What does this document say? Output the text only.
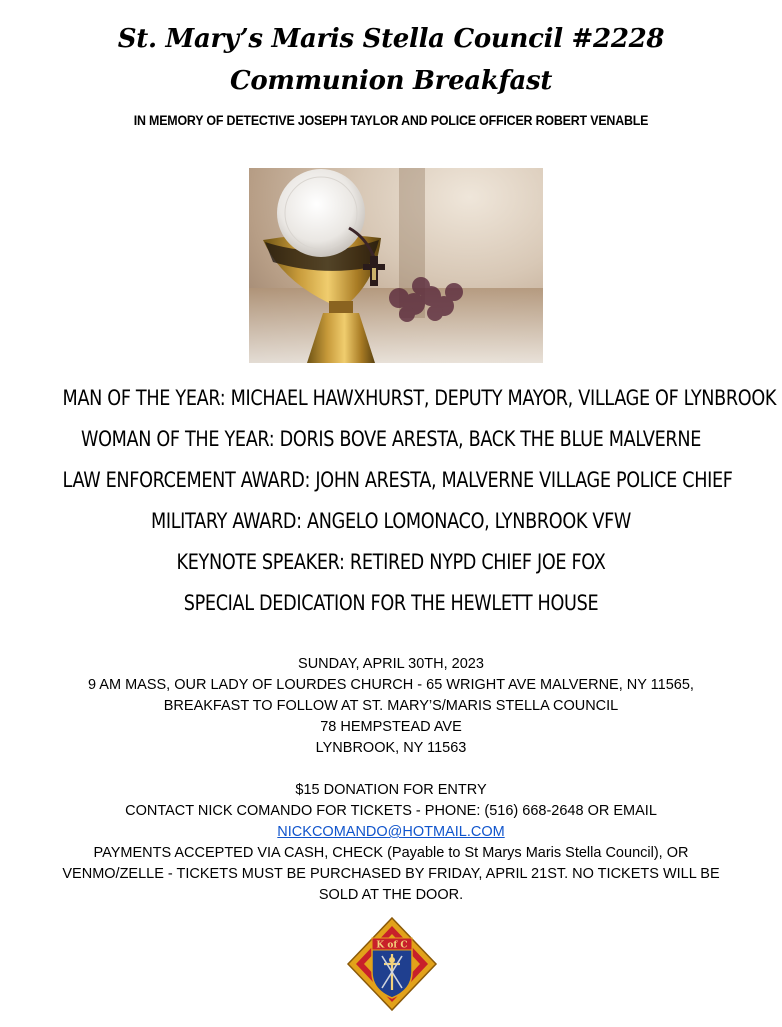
St. Mary’s Maris Stella Council #2228 Communion Breakfast
IN MEMORY OF DETECTIVE JOSEPH TAYLOR AND POLICE OFFICER ROBERT VENABLE
MAN OF THE YEAR: MICHAEL HAWXHURST, DEPUTY MAYOR, VILLAGE OF LYNBROOK
WOMAN OF THE YEAR: DORIS BOVE ARESTA, BACK THE BLUE MALVERNE
LAW ENFORCEMENT AWARD: JOHN ARESTA, MALVERNE VILLAGE POLICE CHIEF
MILITARY AWARD: ANGELO LOMONACO, LYNBROOK VFW
KEYNOTE SPEAKER: RETIRED NYPD CHIEF JOE FOX
SPECIAL DEDICATION FOR THE HEWLETT HOUSE
SUNDAY, APRIL 30TH, 2023
9 AM MASS, OUR LADY OF LOURDES CHURCH - 65 WRIGHT AVE MALVERNE, NY 11565,
BREAKFAST TO FOLLOW AT ST. MARY’S/MARIS STELLA COUNCIL
78 HEMPSTEAD AVE
LYNBROOK, NY 11563
$15 DONATION FOR ENTRY
CONTACT NICK COMANDO FOR TICKETS - PHONE: (516) 668-2648 OR EMAIL
NICKCOMANDO@HOTMAIL.COM
PAYMENTS ACCEPTED VIA CASH, CHECK (Payable to St Marys Maris Stella Council), OR
VENMO/ZELLE - TICKETS MUST BE PURCHASED BY FRIDAY, APRIL 21ST. NO TICKETS WILL BE
SOLD AT THE DOOR.
K of C
